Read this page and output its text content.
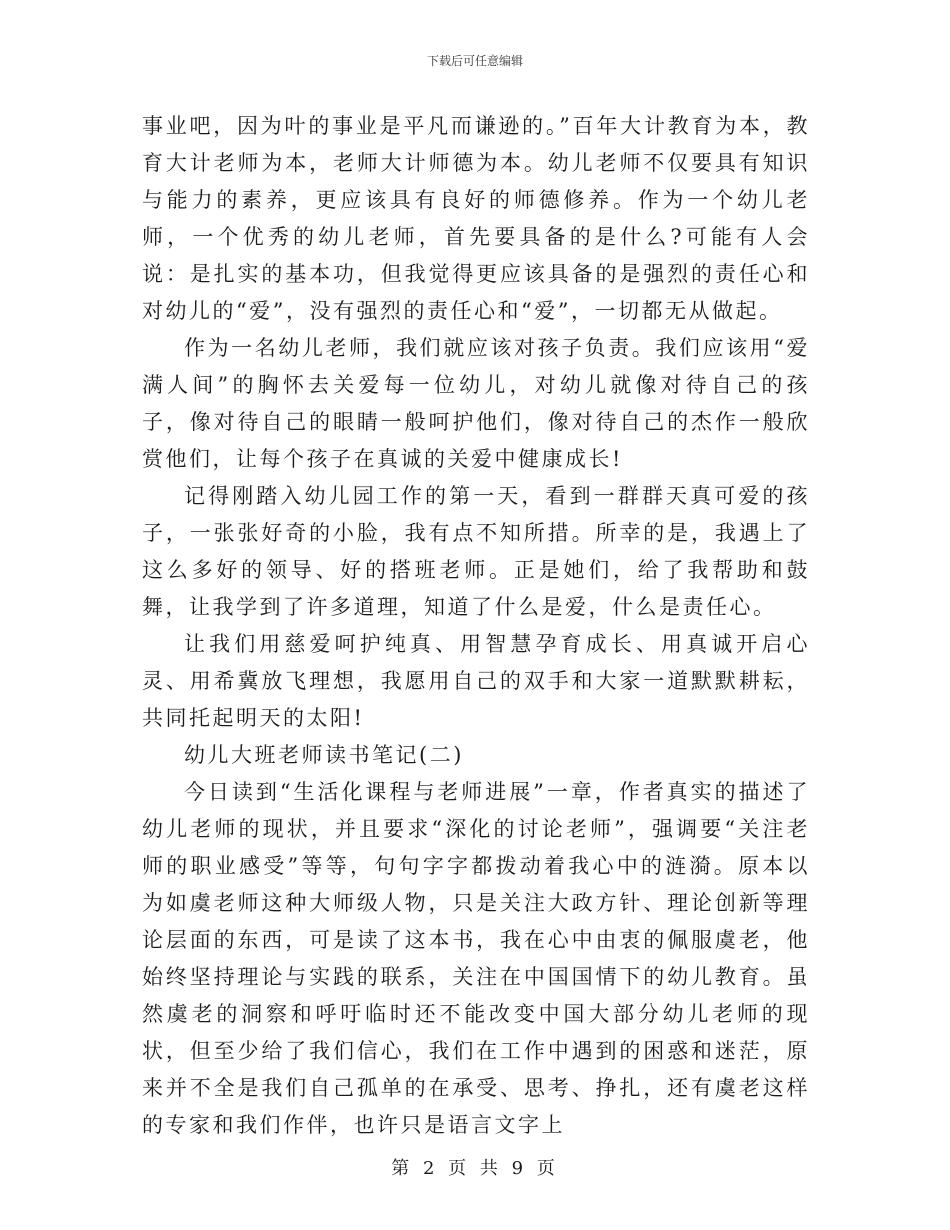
下载后可任意编辑

事业吧，因为叶的事业是平凡而谦逊的。”百年大计教育为本，教育大计老师为本，老师大计师德为本。幼儿老师不仅要具有知识与能力的素养，更应该具有良好的师德修养。作为一个幼儿老师，一个优秀的幼儿老师，首先要具备的是什么?可能有人会说：是扎实的基本功，但我觉得更应该具备的是强烈的责任心和对幼儿的“爱”，没有强烈的责任心和“爱”，一切都无从做起。

作为一名幼儿老师，我们就应该对孩子负责。我们应该用“爱满人间”的胸怀去关爱每一位幼儿，对幼儿就像对待自己的孩子，像对待自己的眼睛一般呵护他们，像对待自己的杰作一般欣赏他们，让每个孩子在真诚的关爱中健康成长!

记得刚踏入幼儿园工作的第一天，看到一群群天真可爱的孩子，一张张好奇的小脸，我有点不知所措。所幸的是，我遇上了这么多好的领导、好的搭班老师。正是她们，给了我帮助和鼓舞，让我学到了许多道理，知道了什么是爱，什么是责任心。

让我们用慈爱呵护纯真、用智慧孕育成长、用真诚开启心灵、用希冀放飞理想，我愿用自己的双手和大家一道默默耕耘，共同托起明天的太阳!

幼儿大班老师读书笔记(二)

今日读到“生活化课程与老师进展”一章，作者真实的描述了幼儿老师的现状，并且要求“深化的讨论老师”，强调要“关注老师的职业感受”等等，句句字字都拨动着我心中的涟漪。原本以为如虞老师这种大师级人物，只是关注大政方针、理论创新等理论层面的东西，可是读了这本书，我在心中由衷的佩服虞老，他始终坚持理论与实践的联系，关注在中国国情下的幼儿教育。虽然虞老的洞察和呼吁临时还不能改变中国大部分幼儿老师的现状，但至少给了我们信心，我们在工作中遇到的困惑和迷茫，原来并不全是我们自己孤单的在承受、思考、挣扎，还有虞老这样的专家和我们作伴，也许只是语言文字上

第 2 页 共 9 页
